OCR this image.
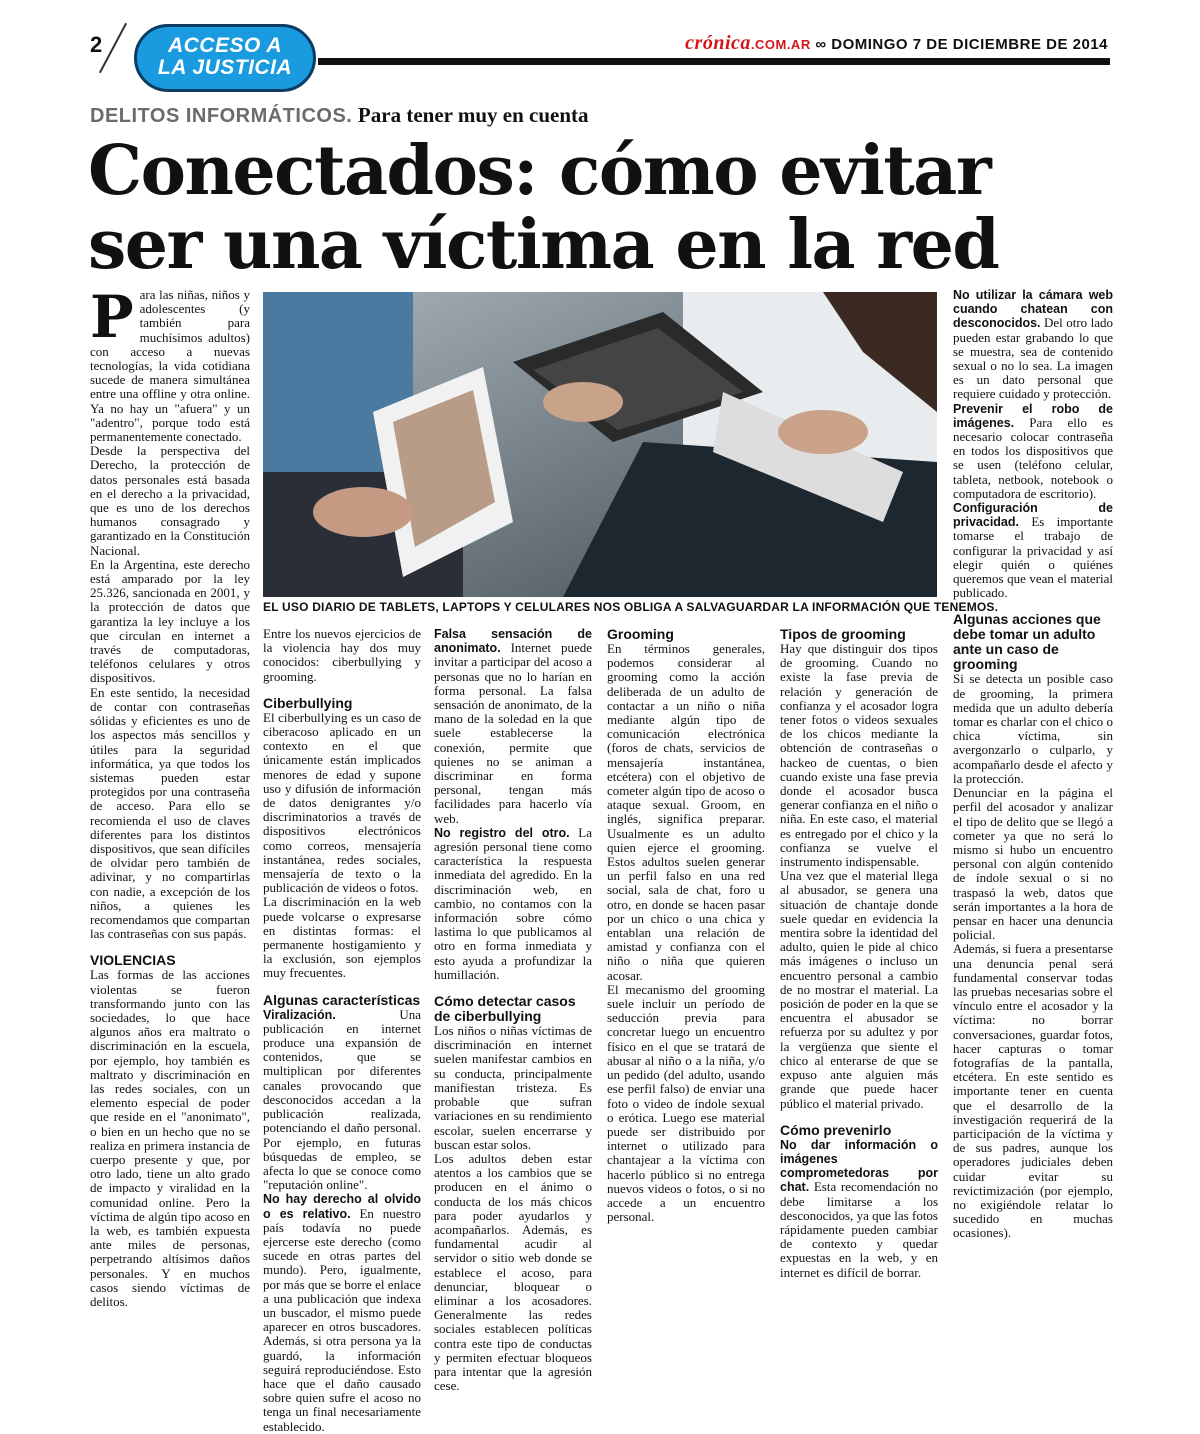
2	ACCESO A
LA JUSTICIA
crónica.COM.AR ∞ DOMINGO 7 DE DICIEMBRE DE 2014
DELITOS INFORMÁTICOS. Para tener muy en cuenta
Conectados: cómo evitar ser una víctima en la red
EL USO DIARIO DE TABLETS, LAPTOPS Y CELULARES NOS OBLIGA A SALVAGUARDAR LA INFORMACIÓN QUE TENEMOS.

Para las niñas, niños y adolescentes (y también para muchísimos adultos) con acceso a nuevas tecnologías, la vida cotidiana sucede de manera simultánea entre una offline y otra online. Ya no hay un "afuera" y un "adentro", porque todo está permanentemente conectado.

Desde la perspectiva del Derecho, la protección de datos personales está basada en el derecho a la privacidad, que es uno de los derechos humanos consagrado y garantizado en la Constitución Nacional.

En la Argentina, este derecho está amparado por la ley 25.326, sancionada en 2001, y la protección de datos que garantiza la ley incluye a los que circulan en internet a través de computadoras, teléfonos celulares y otros dispositivos.

En este sentido, la necesidad de contar con contraseñas sólidas y eficientes es uno de los aspectos más sencillos y útiles para la seguridad informática, ya que todos los sistemas pueden estar protegidos por una contraseña de acceso. Para ello se recomienda el uso de claves diferentes para los distintos dispositivos, que sean difíciles de olvidar pero también de adivinar, y no compartirlas con nadie, a excepción de los niños, a quienes les recomendamos que compartan las contraseñas con sus papás.

VIOLENCIAS

Las formas de las acciones violentas se fueron transformando junto con las sociedades, lo que hace algunos años era maltrato o discriminación en la escuela, por ejemplo, hoy también es maltrato y discriminación en las redes sociales, con un elemento especial de poder que reside en el "anonimato", o bien en un hecho que no se realiza en primera instancia de cuerpo presente y que, por otro lado, tiene un alto grado de impacto y viralidad en la comunidad online. Pero la víctima de algún tipo acoso en la web, es también expuesta ante miles de personas, perpetrando altísimos daños personales. Y en muchos casos siendo víctimas de delitos.

Entre los nuevos ejercicios de la violencia hay dos muy conocidos: ciberbullying y grooming.

Ciberbullying

El ciberbullying es un caso de ciberacoso aplicado en un contexto en el que únicamente están implicados menores de edad y supone uso y difusión de información de datos denigrantes y/o discriminatorios a través de dispositivos electrónicos como correos, mensajería instantánea, redes sociales, mensajería de texto o la publicación de videos o fotos.

La discriminación en la web puede volcarse o expresarse en distintas formas: el permanente hostigamiento y la exclusión, son ejemplos muy frecuentes.

Algunas características

Viralización. Una publicación en internet produce una expansión de contenidos, que se multiplican por diferentes canales provocando que desconocidos accedan a la publicación realizada, potenciando el daño personal. Por ejemplo, en futuras búsquedas de empleo, se afecta lo que se conoce como "reputación online".

No hay derecho al olvido o es relativo. En nuestro país todavía no puede ejercerse este derecho (como sucede en otras partes del mundo). Pero, igualmente, por más que se borre el enlace a una publicación que indexa un buscador, el mismo puede aparecer en otros buscadores. Además, si otra persona ya la guardó, la información seguirá reproduciéndose. Esto hace que el daño causado sobre quien sufre el acoso no tenga un final necesariamente establecido.

Falsa sensación de anonimato. Internet puede invitar a participar del acoso a personas que no lo harían en forma personal. La falsa sensación de anonimato, de la mano de la soledad en la que suele establecerse la conexión, permite que quienes no se animan a discriminar en forma personal, tengan más facilidades para hacerlo vía web.

No registro del otro. La agresión personal tiene como característica la respuesta inmediata del agredido. En la discriminación web, en cambio, no contamos con la información sobre cómo lastima lo que publicamos al otro en forma inmediata y esto ayuda a profundizar la humillación.

Cómo detectar casos de ciberbullying

Los niños o niñas víctimas de discriminación en internet suelen manifestar cambios en su conducta, principalmente manifiestan tristeza. Es probable que sufran variaciones en su rendimiento escolar, suelen encerrarse y buscan estar solos.

Los adultos deben estar atentos a los cambios que se producen en el ánimo o conducta de los más chicos para poder ayudarlos y acompañarlos. Además, es fundamental acudir al servidor o sitio web donde se establece el acoso, para denunciar, bloquear o eliminar a los acosadores. Generalmente las redes sociales establecen políticas contra este tipo de conductas y permiten efectuar bloqueos para intentar que la agresión cese.

Grooming

En términos generales, podemos considerar al grooming como la acción deliberada de un adulto de contactar a un niño o niña mediante algún tipo de comunicación electrónica (foros de chats, servicios de mensajería instantánea, etcétera) con el objetivo de cometer algún tipo de acoso o ataque sexual. Groom, en inglés, significa preparar. Usualmente es un adulto quien ejerce el grooming. Estos adultos suelen generar un perfil falso en una red social, sala de chat, foro u otro, en donde se hacen pasar por un chico o una chica y entablan una relación de amistad y confianza con el niño o niña que quieren acosar.

El mecanismo del grooming suele incluir un período de seducción previa para concretar luego un encuentro físico en el que se tratará de abusar al niño o a la niña, y/o un pedido (del adulto, usando ese perfil falso) de enviar una foto o video de índole sexual o erótica. Luego ese material puede ser distribuido por internet o utilizado para chantajear a la víctima con hacerlo público si no entrega nuevos videos o fotos, o si no accede a un encuentro personal.

Tipos de grooming

Hay que distinguir dos tipos de grooming. Cuando no existe la fase previa de relación y generación de confianza y el acosador logra tener fotos o videos sexuales de los chicos mediante la obtención de contraseñas o hackeo de cuentas, o bien cuando existe una fase previa donde el acosador busca generar confianza en el niño o niña. En este caso, el material es entregado por el chico y la confianza se vuelve el instrumento indispensable.

Una vez que el material llega al abusador, se genera una situación de chantaje donde suele quedar en evidencia la mentira sobre la identidad del adulto, quien le pide al chico más imágenes o incluso un encuentro personal a cambio de no mostrar el material. La posición de poder en la que se encuentra el abusador se refuerza por su adultez y por la vergüenza que siente el chico al enterarse de que se expuso ante alguien más grande que puede hacer público el material privado.

Cómo prevenirlo

No dar información o imágenes comprometedoras por chat. Esta recomendación no debe limitarse a los desconocidos, ya que las fotos rápidamente pueden cambiar de contexto y quedar expuestas en la web, y en internet es difícil de borrar.

No utilizar la cámara web cuando chatean con desconocidos. Del otro lado pueden estar grabando lo que se muestra, sea de contenido sexual o no lo sea. La imagen es un dato personal que requiere cuidado y protección.

Prevenir el robo de imágenes. Para ello es necesario colocar contraseña en todos los dispositivos que se usen (teléfono celular, tableta, netbook, notebook o computadora de escritorio).

Configuración de privacidad. Es importante tomarse el trabajo de configurar la privacidad y así elegir quién o quiénes queremos que vean el material publicado.

Algunas acciones que debe tomar un adulto ante un caso de grooming

Si se detecta un posible caso de grooming, la primera medida que un adulto debería tomar es charlar con el chico o chica víctima, sin avergonzarlo o culparlo, y acompañarlo desde el afecto y la protección.

Denunciar en la página el perfil del acosador y analizar el tipo de delito que se llegó a cometer ya que no será lo mismo si hubo un encuentro personal con algún contenido de índole sexual o si no traspasó la web, datos que serán importantes a la hora de pensar en hacer una denuncia policial.

Además, si fuera a presentarse una denuncia penal será fundamental conservar todas las pruebas necesarias sobre el vínculo entre el acosador y la víctima: no borrar conversaciones, guardar fotos, hacer capturas o tomar fotografías de la pantalla, etcétera. En este sentido es importante tener en cuenta que el desarrollo de la investigación requerirá de la participación de la víctima y de sus padres, aunque los operadores judiciales deben cuidar evitar su revictimización (por ejemplo, no exigiéndole relatar lo sucedido en muchas ocasiones).
